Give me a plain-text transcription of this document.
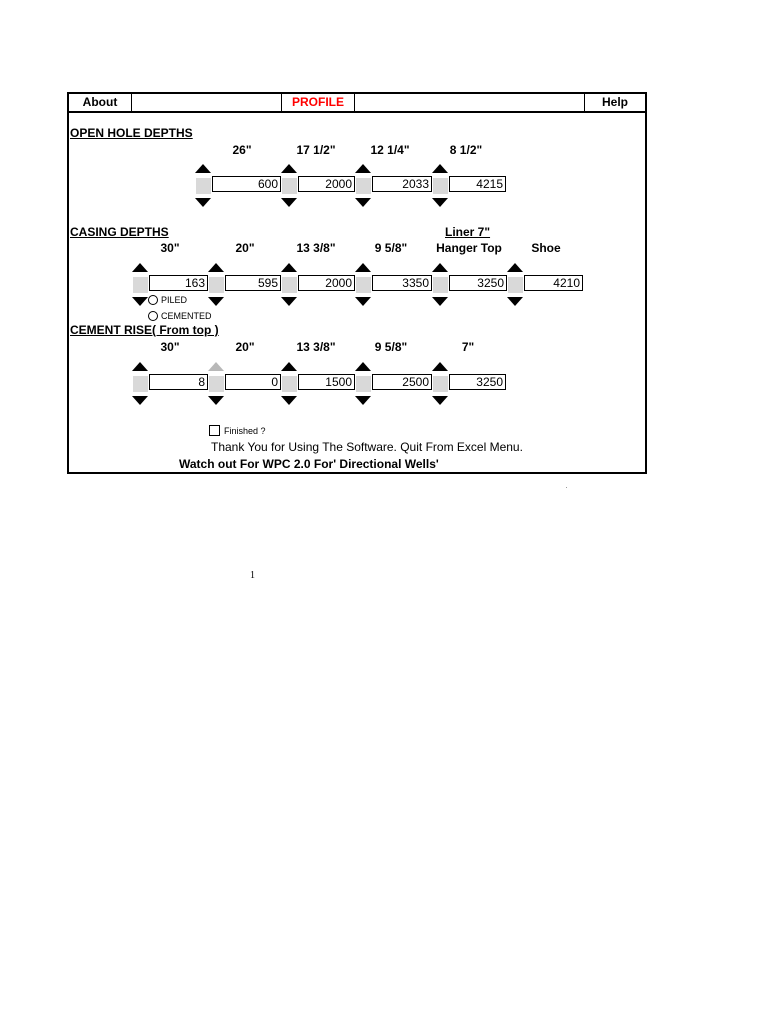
About	PROFILE	Help
OPEN HOLE DEPTHS
26"	17 1/2"	12 1/4"	8 1/2"
600	2000	2033	4215
CASING DEPTHS	Liner 7"
30"	20"	13 3/8"	9 5/8"	Hanger Top	Shoe
163	595	2000	3350	3250	4210
PILED
CEMENTED
CEMENT RISE( From top )
30"	20"	13 3/8"	9 5/8"	7"
8	0	1500	2500	3250
Finished ?
Thank You for Using The Software. Quit From Excel Menu.
Watch out For WPC 2.0 For' Directional Wells'
1
